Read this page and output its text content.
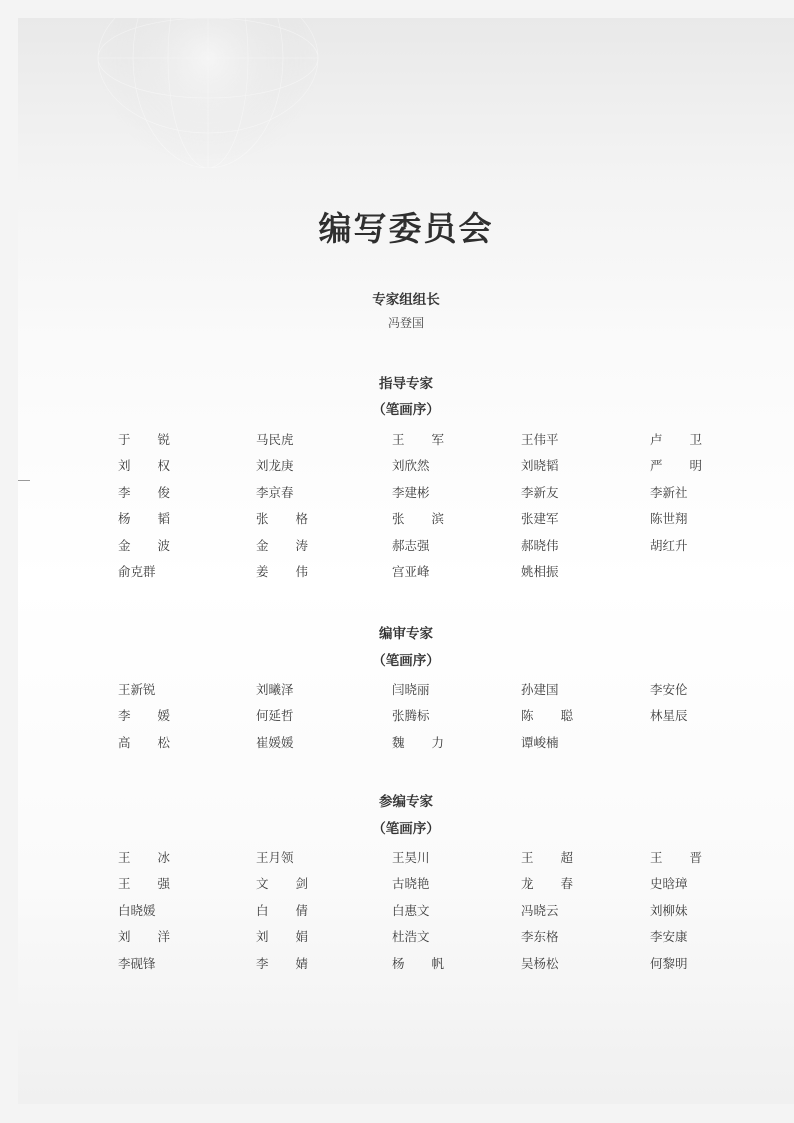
编写委员会
专家组组长
冯登国
指导专家
（笔画序）
于 锐	马民虎	王 军	王伟平	卢 卫
刘 权	刘龙庚	刘欣然	刘晓韬	严 明
李 俊	李京春	李建彬	李新友	李新社
杨 韬	张 格	张 滨	张建军	陈世翔
金 波	金 涛	郝志强	郝晓伟	胡红升
俞克群	姜 伟	宫亚峰	姚相振
编审专家
（笔画序）
王新锐	刘曦泽	闫晓丽	孙建国	李安伦
李 媛	何延哲	张腾标	陈 聪	林星辰
高 松	崔媛媛	魏 力	谭峻楠
参编专家
（笔画序）
王 冰	王月领	王昊川	王 超	王 晋
王 强	文 剑	古晓艳	龙 春	史晗璋
白晓媛	白 倩	白惠文	冯晓云	刘柳妹
刘 洋	刘 娟	杜浩文	李东格	李安康
李砚锋	李 婧	杨 帆	吴杨松	何黎明
